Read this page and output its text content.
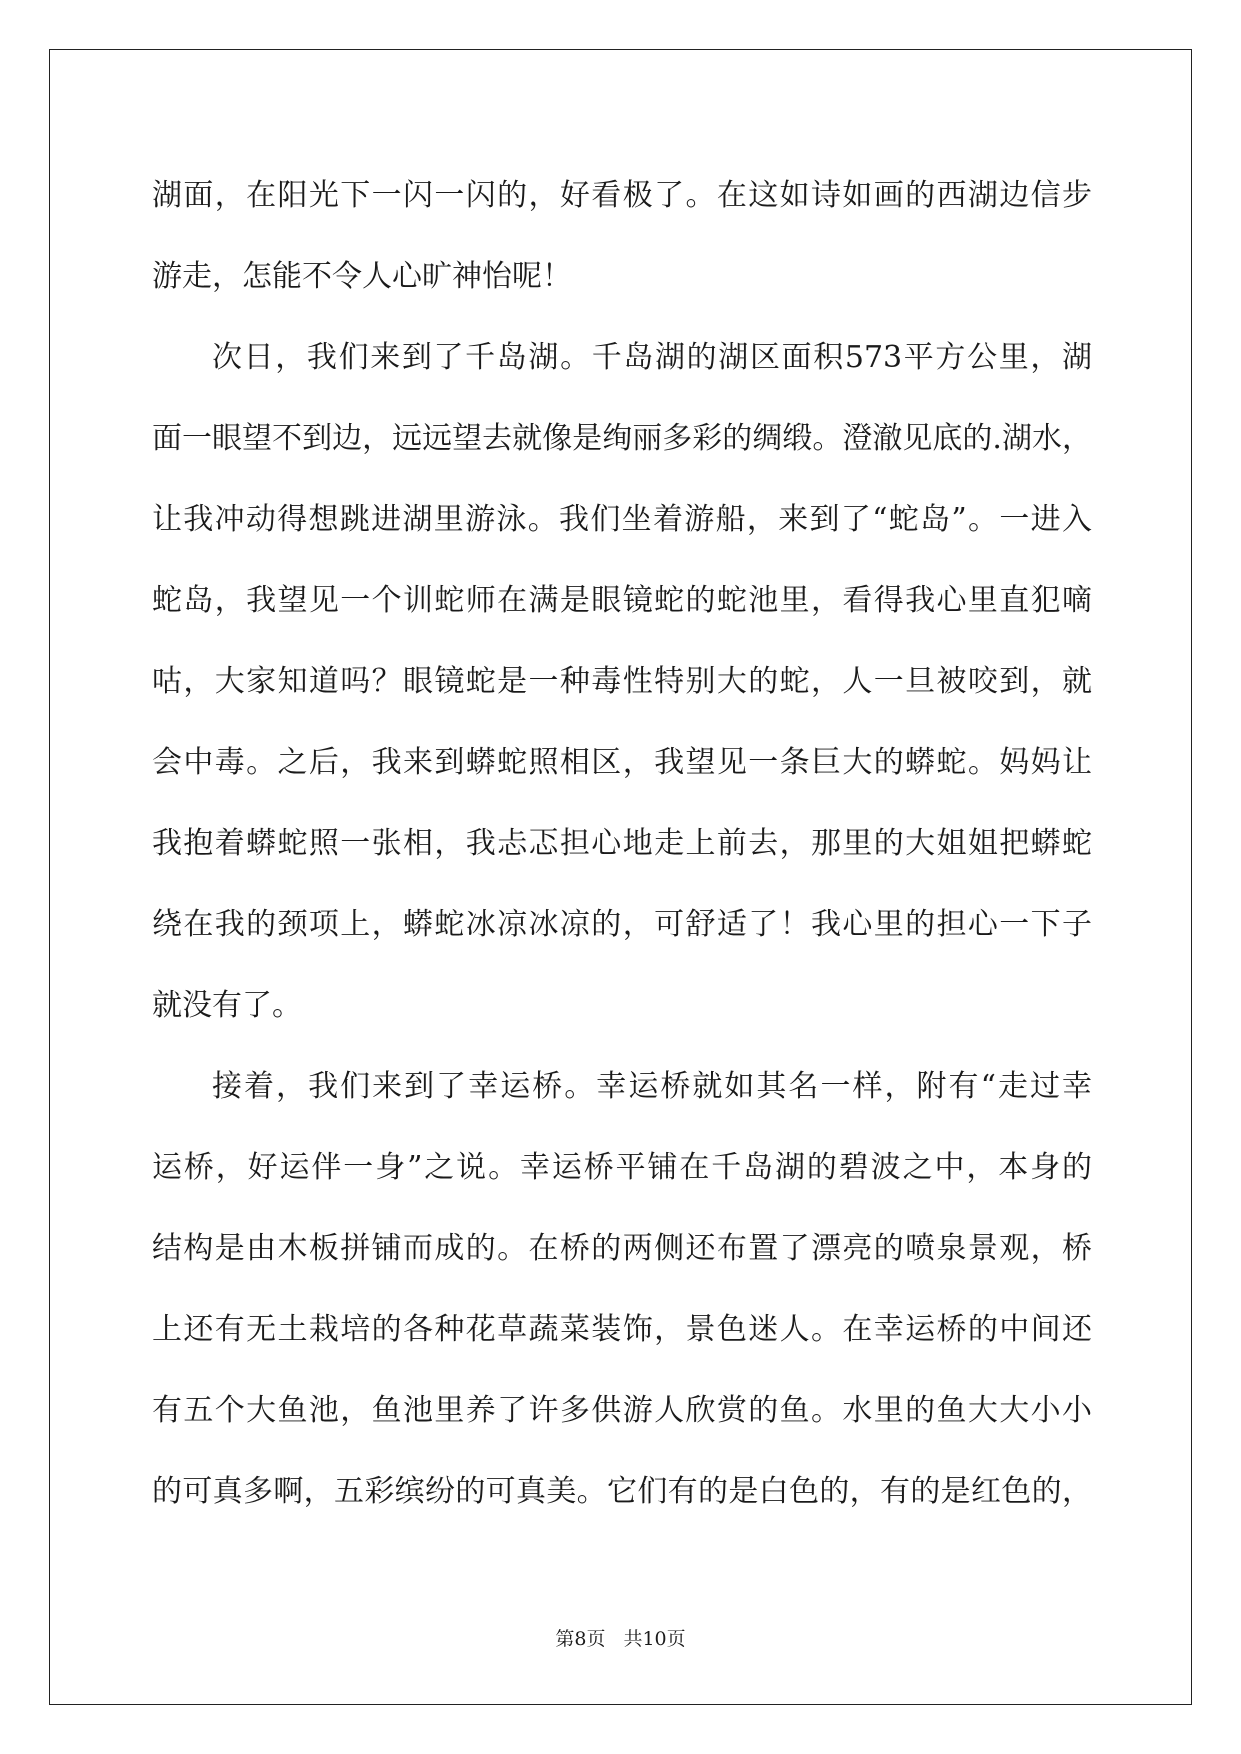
湖面，在阳光下一闪一闪的，好看极了。在这如诗如画的西湖边信步
游走，怎能不令人心旷神怡呢！
次日，我们来到了千岛湖。千岛湖的湖区面积573平方公里，湖
面一眼望不到边，远远望去就像是绚丽多彩的绸缎。澄澈见底的.湖水，
让我冲动得想跳进湖里游泳。我们坐着游船，来到了“蛇岛”。一进入
蛇岛，我望见一个训蛇师在满是眼镜蛇的蛇池里，看得我心里直犯嘀
咕，大家知道吗？眼镜蛇是一种毒性特别大的蛇，人一旦被咬到，就
会中毒。之后，我来到蟒蛇照相区，我望见一条巨大的蟒蛇。妈妈让
我抱着蟒蛇照一张相，我忐忑担心地走上前去，那里的大姐姐把蟒蛇
绕在我的颈项上，蟒蛇冰凉冰凉的，可舒适了！我心里的担心一下子
就没有了。
接着，我们来到了幸运桥。幸运桥就如其名一样，附有“走过幸
运桥，好运伴一身”之说。幸运桥平铺在千岛湖的碧波之中，本身的
结构是由木板拼铺而成的。在桥的两侧还布置了漂亮的喷泉景观，桥
上还有无土栽培的各种花草蔬菜装饰，景色迷人。在幸运桥的中间还
有五个大鱼池，鱼池里养了许多供游人欣赏的鱼。水里的鱼大大小小
的可真多啊，五彩缤纷的可真美。它们有的是白色的，有的是红色的，
第8页 共10页
